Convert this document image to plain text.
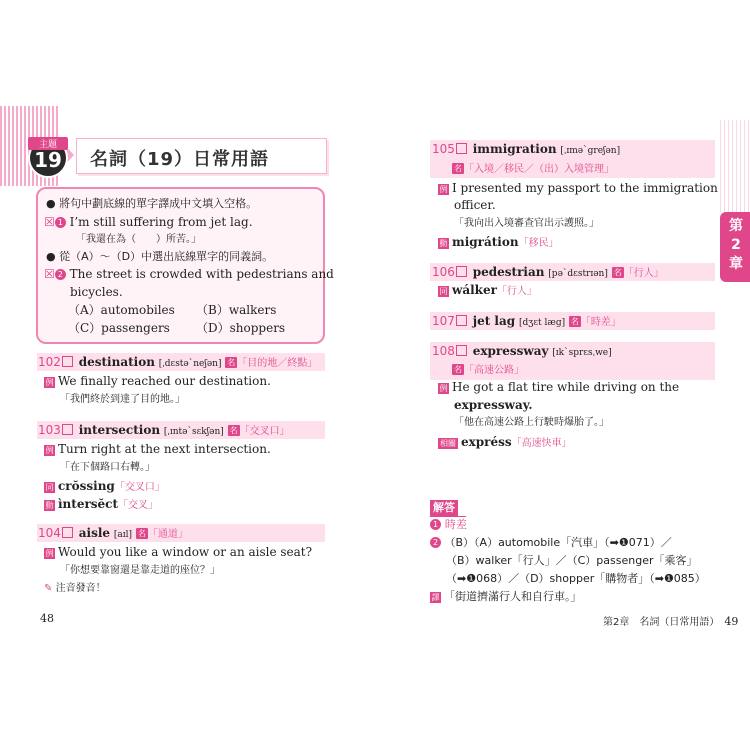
主題
19	名詞（19）日常用語
● 將句中劃底線的單字譯成中文填入空格。
☒ 1 I’m still suffering from jet lag.
「我還在為（　　）所苦。」
● 從（A）～（D）中選出底線單字的同義詞。
☒ 2 The street is crowded with pedestrians and
bicycles.
（A）automobiles （B）walkers
（C）passengers （D）shoppers
102 destination [ˌdɛstəˋneʃən] 名 「目的地／終點」
例 We finally reached our destination.
「我們終於到達了目的地。」
103 intersection [ˌɪntəˋsɛkʃən] 名 「交叉口」
例 Turn right at the next intersection.
「在下個路口右轉。」
同 crŏssing「交叉口」
動 ìntersĕct「交叉」
104 aisle [aɪl] 名 「通道」
例 Would you like a window or an aisle seat?
「你想要靠窗還是靠走道的座位？」
✎ 注音發音！
105 immigration [ˌɪməˋgreʃən]
名 「入境／移民／（出）入境管理」
例 I presented my passport to the immigration
officer.
「我向出入境審查官出示護照。」
動 migrátion「移民」
106 pedestrian [pəˋdɛstrɪən] 名 「行人」
同 wálker「行人」
107 jet lag [dʒɛt læg] 名 「時差」
108 expressway [ɪkˋsprɛsˌwe]
名 「高速公路」
例 He got a flat tire while driving on the
expressway.
「他在高速公路上行駛時爆胎了。」
相關 expréss「高速快車」
解答
1 時差
2 （B）（A）automobile「汽車」（➡❶071）／
（B）walker「行人」／（C）passenger「乘客」
（➡❶068）／（D）shopper「購物者」（➡❶085）
譯 「街道擠滿行人和自行車。」
第
2
章
48	第2章　名詞（日常用語）　 49
